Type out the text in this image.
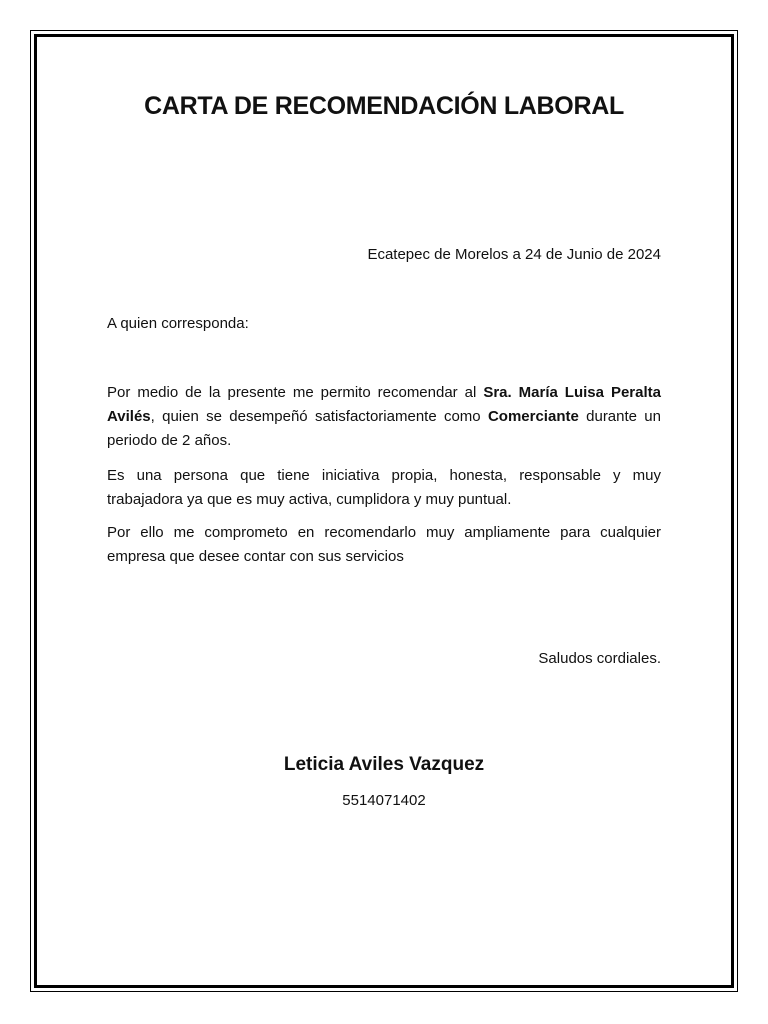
CARTA DE RECOMENDACIÓN LABORAL

Ecatepec de Morelos a 24 de Junio de 2024

A quien corresponda:

Por medio de la presente me permito recomendar al Sra. María Luisa Peralta Avilés, quien se desempeñó satisfactoriamente como Comerciante durante un periodo de 2 años.

Es una persona que tiene iniciativa propia, honesta, responsable y muy trabajadora ya que es muy activa, cumplidora y muy puntual.

Por ello me comprometo en recomendarlo muy ampliamente para cualquier empresa que desee contar con sus servicios

Saludos cordiales.

Leticia Aviles Vazquez

5514071402
